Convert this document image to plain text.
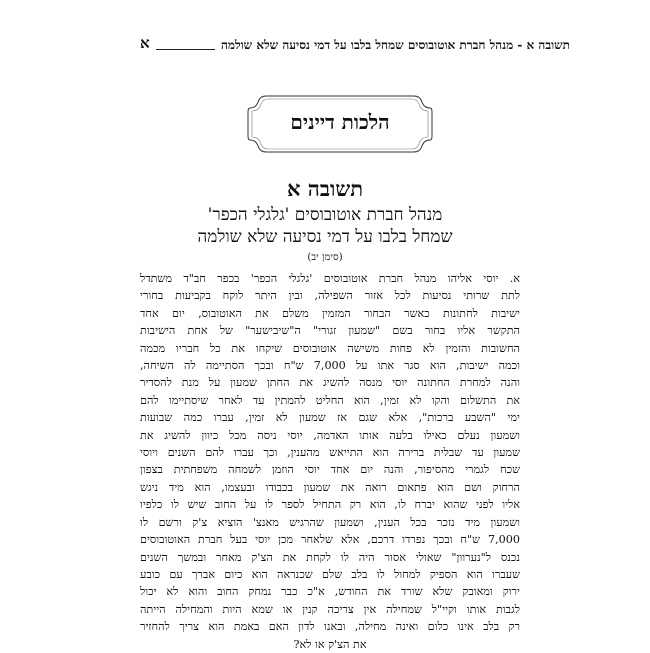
תשובה א - מנהל חברת אוטובוסים שמחל בלבו על דמי נסיעה שלא שולמה
א
הלכות דיינים
תשובה א
מנהל חברת אוטובוסים 'גלגלי הכפר'
שמחל בלבו על דמי נסיעה שלא שולמה
(סימן יב)
א. יוסי אליהו מנהל חברת אוטובוסים 'גלגלי הכפר' בכפר חב"ד משתדל
לתת שרותי נסיעות לכל אזור השפילה, ובין היתר לוקח בקביעות בחורי
ישיבות לחתונות כאשר הבחור המזמין משלם את האוטובוס, יום אחד
התקשר אליו בחור בשם "שמעון זגורי" ה"שיבישער" של אחת הישיבות
החשובות והזמין לא פחות משישה אוטובוסים שיקחו את כל חבריו מכמה
וכמה ישיבות, הוא סגר אתו על 7,000 ש"ח ובכך הסתיימה לה השיחה,
והנה למחרת החתונה יוסי מנסה להשיג את החתן שמעון על מנת להסדיר
את התשלום והקו לא זמין, הוא החליט להמתין עד לאחר שיסתיימו להם
ימי "השבע ברכות", אלא שגם אז שמעון לא זמין, עברו כמה שבועות
ושמעון נעלם כאילו בלעה אותו האדמה, יוסי ניסה מכל כיוון להשיג את
שמעון עד שבלית ברירה הוא התייאש מהענין, וכך עברו להם השנים ויוסי
שכח לגמרי מהסיפור, והנה יום אחד יוסי הוזמן לשמחה משפחתית בצפון
הרחוק ושם הוא פתאום רואה את שמעון בכבודו ובעצמו, הוא מיד ניגש
אליו לפני שהוא יברח לו, הוא רק התחיל לספר לו על החוב שיש לו כלפיו
ושמעון מיד נזכר בכל הענין, ושמעון שהרגיש מאנצ' הוציא צ'ק ורשם לו
7,000 ש"ח ובכך נפרדו דרכם, אלא שלאחר מכן יוסי בעל חברת האוטובוסים
נכנס ל"נערוון" שאולי אסור היה לו לקחת את הצ'ק מאחר ובמשך השנים
שעברו הוא הספיק למחול לו בלב שלם שכנראה הוא כיום אברך עם כובע
ירוק ומאובק שלא שורד את החודש, א"כ כבר נמחק החוב והוא לא יכול
לגבות אותו וקיי"ל שמחילה אין צריכה קנין או שמא היות והמחילה הייתה
רק בלב אינו כלום ואינה מחילה, ובאנו לדון האם באמת הוא צריך להחזיר
את הצ'ק או לא?
